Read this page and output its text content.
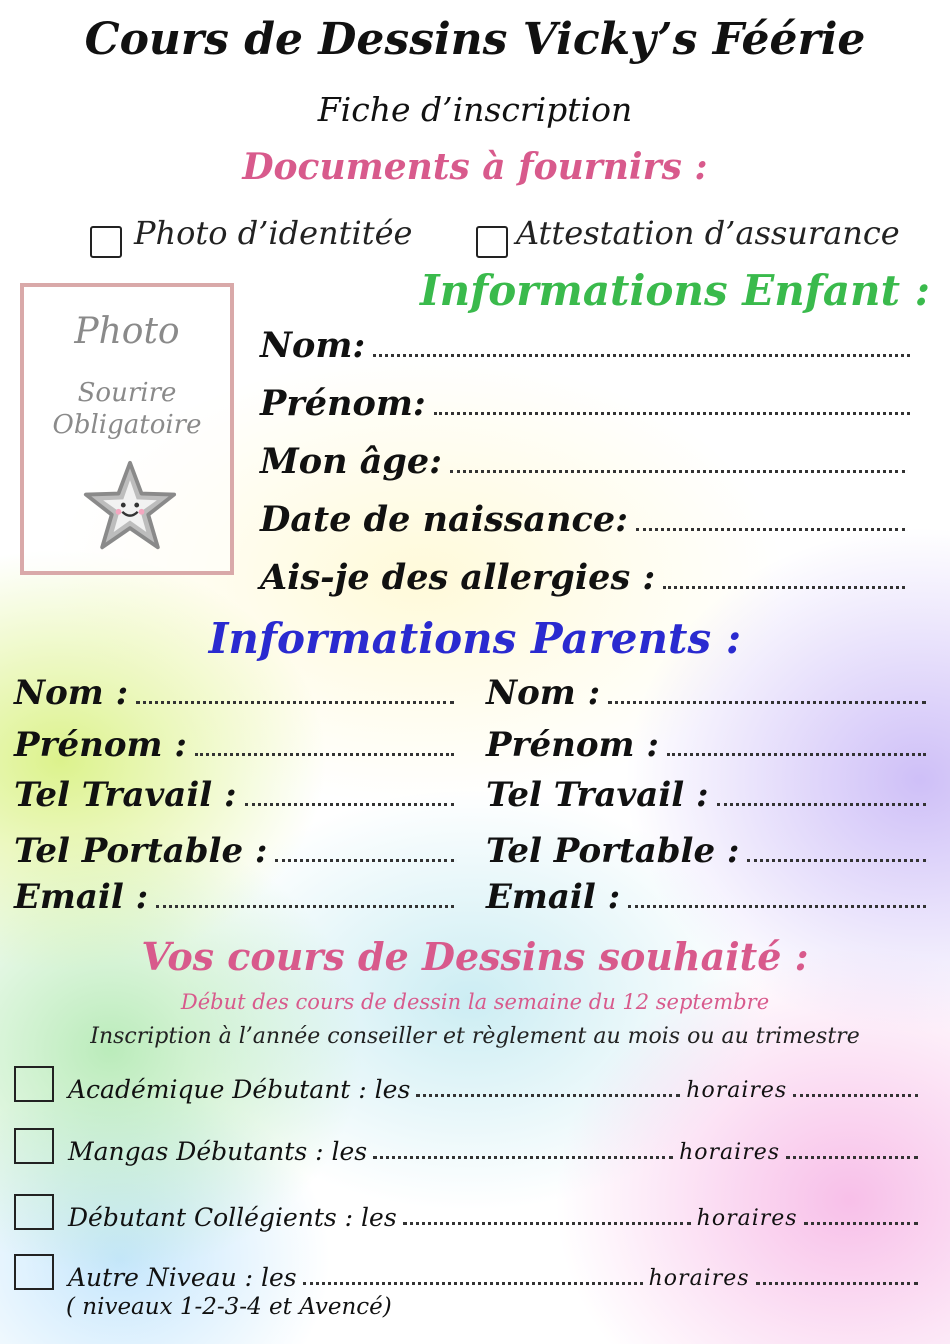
Cours de Dessins Vicky’s Féérie
Fiche d’inscription
Documents à fournirs :
Photo d’identitée	Attestation d’assurance
Photo
Sourire
Obligatoire
Informations Enfant :
Nom:
Prénom:
Mon âge:
Date de naissance:
Ais-je des allergies :
Informations Parents :
Nom :
Prénom :
Tel Travail :
Tel Portable :
Email :
Nom :
Prénom :
Tel Travail :
Tel Portable :
Email :
Vos cours de Dessins souhaité :
Début des cours de dessin la semaine du 12 septembre
Inscription à l’année conseiller et règlement au mois ou au trimestre
Académique Débutant : les	horaires
Mangas Débutants : les	horaires
Débutant Collégients : les	horaires
Autre Niveau : les	horaires
( niveaux 1-2-3-4 et Avencé)
